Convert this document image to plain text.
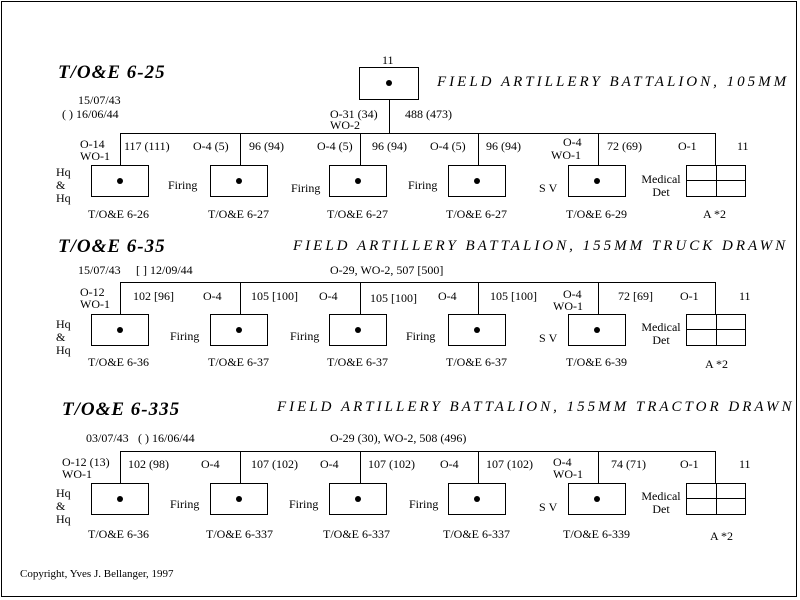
T/O&E 6-25	FIELD ARTILLERY BATTALION, 105MM
15/07/43
( ) 16/06/44
11
O-31 (34)
WO-2
488 (473)
O-14
WO-1
117 (111)
Hq & Hq
T/O&E 6-26
O-4 (5) 96 (94)
Firing
T/O&E 6-27
O-4 (5) 96 (94)
Firing
T/O&E 6-27
O-4 (5) 96 (94)
Firing
T/O&E 6-27
O-4
WO-1
72 (69)
SV
T/O&E 6-29
O-1	11
Medical Det
A *2
T/O&E 6-35	FIELD ARTILLERY BATTALION, 155MM TRUCK DRAWN
15/07/43 [ ] 12/09/44	O-29, WO-2, 507 [500]
O-12
WO-1
102 [96]
Hq & Hq
T/O&E 6-36
O-4 105 [100]
Firing
T/O&E 6-37
O-4	105 [100]
Firing
T/O&E 6-37
O-4	105 [100]
Firing
T/O&E 6-37
O-4
WO-1
72 [69]
SV
T/O&E 6-39
O-1	11
Medical Det
A *2
T/O&E 6-335	FIELD ARTILLERY BATTALION, 155MM TRACTOR DRAWN
03/07/43 ( ) 16/06/44	O-29 (30), WO-2, 508 (496)
O-12 (13)
WO-1
102 (98)
Hq & Hq
T/O&E 6-36
O-4	107 (102)
Firing
T/O&E 6-337
O-4 107 (102)
Firing
T/O&E 6-337
O-4 107 (102)
Firing
T/O&E 6-337
O-4
WO-1
74 (71)
SV
T/O&E 6-339
O-1	11
Medical Det
A *2
Copyright, Yves J. Bellanger, 1997
